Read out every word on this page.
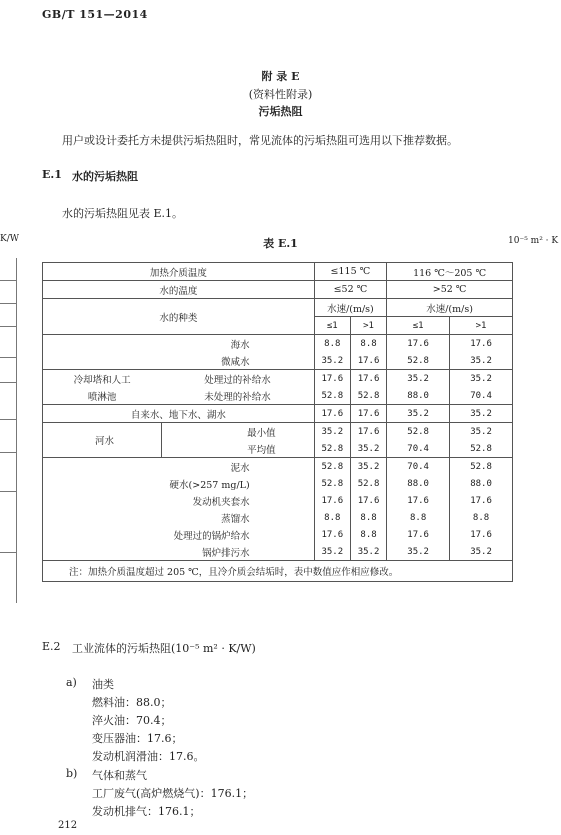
GB/T 151—2014
附 录 E
(资料性附录)
污垢热阻
用户或设计委托方未提供污垢热阻时，常见流体的污垢热阻可选用以下推荐数据。
E.1 水的污垢热阻
水的污垢热阻见表 E.1。
K/W	表 E.1	10⁻⁵ m² · K
加热介质温度		≤115 ℃		116 ℃～205 ℃	
水的温度		≤52 ℃		>52 ℃	
水的种类		水速/(m/s)		水速/(m/s)	
		≤1	>1	≤1	>1
海水		8.8	8.8	17.6	17.6
微咸水		35.2	17.6	52.8	35.2
冷却塔和人工	处理过的补给水	17.6	17.6	35.2	35.2
喷淋池	未处理的补给水	52.8	52.8	88.0	70.4
自来水、地下水、湖水		17.6	17.6	35.2	35.2
河水	最小值	35.2	17.6	52.8	35.2
	平均值	52.8	35.2	70.4	52.8
泥水		52.8	35.2	70.4	52.8
硬水(>257 mg/L)		52.8	52.8	88.0	88.0
发动机夹套水		17.6	17.6	17.6	17.6
蒸馏水		8.8	8.8	8.8	8.8
处理过的锅炉给水		17.6	8.8	17.6	17.6
锅炉排污水		35.2	35.2	35.2	35.2
注：加热介质温度超过 205 ℃，且冷介质会结垢时，表中数值应作相应修改。					
E.2 工业流体的污垢热阻(10⁻⁵ m² · K/W)
a) 油类
燃料油：88.0；
淬火油：70.4；
变压器油：17.6；
发动机润滑油：17.6。
b) 气体和蒸气
工厂废气(高炉燃烧气)：176.1；
发动机排气：176.1；
212
